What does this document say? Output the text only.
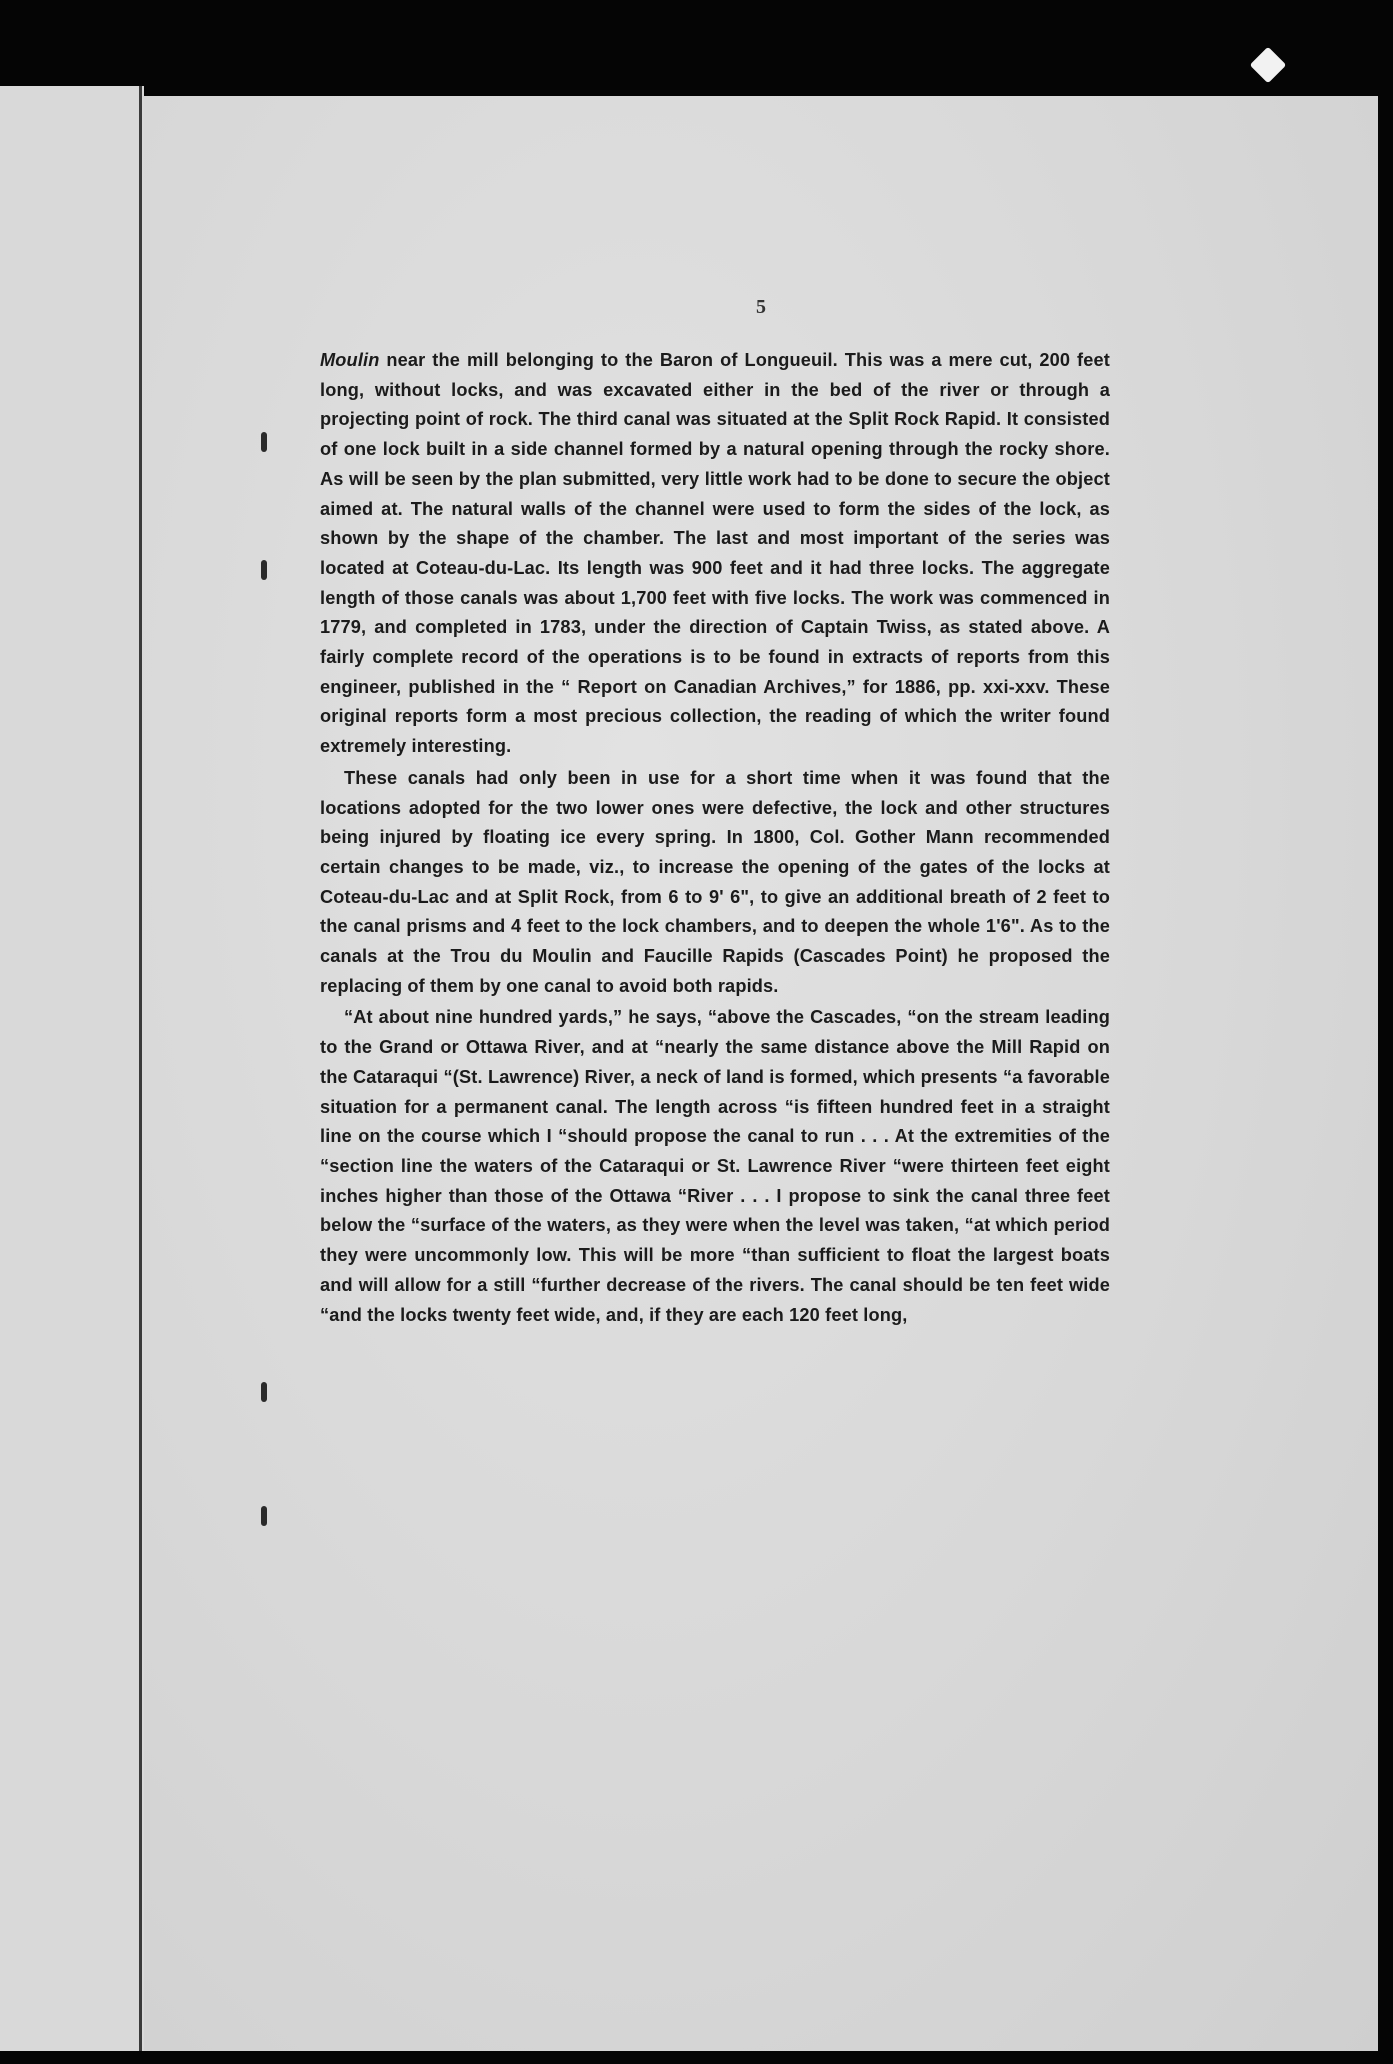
5

Moulin near the mill belonging to the Baron of Longueuil. This was a mere cut, 200 feet long, without locks, and was excavated either in the bed of the river or through a projecting point of rock. The third canal was situated at the Split Rock Rapid. It consisted of one lock built in a side channel formed by a natural opening through the rocky shore. As will be seen by the plan submitted, very little work had to be done to secure the object aimed at. The natural walls of the channel were used to form the sides of the lock, as shown by the shape of the chamber. The last and most important of the series was located at Coteau-du-Lac. Its length was 900 feet and it had three locks. The aggregate length of those canals was about 1,700 feet with five locks. The work was commenced in 1779, and completed in 1783, under the direction of Captain Twiss, as stated above. A fairly complete record of the operations is to be found in extracts of reports from this engineer, published in the “ Report on Canadian Archives,” for 1886, pp. xxi-xxv. These original reports form a most precious collection, the reading of which the writer found extremely interesting.

These canals had only been in use for a short time when it was found that the locations adopted for the two lower ones were defective, the lock and other structures being injured by floating ice every spring. In 1800, Col. Gother Mann recommended certain changes to be made, viz., to increase the opening of the gates of the locks at Coteau-du-Lac and at Split Rock, from 6 to 9' 6", to give an additional breath of 2 feet to the canal prisms and 4 feet to the lock chambers, and to deepen the whole 1'6". As to the canals at the Trou du Moulin and Faucille Rapids (Cascades Point) he proposed the replacing of them by one canal to avoid both rapids.

“At about nine hundred yards,” he says, “above the Cascades, “on the stream leading to the Grand or Ottawa River, and at “nearly the same distance above the Mill Rapid on the Cataraqui “(St. Lawrence) River, a neck of land is formed, which presents “a favorable situation for a permanent canal. The length across “is fifteen hundred feet in a straight line on the course which I “should propose the canal to run . . . At the extremities of the “section line the waters of the Cataraqui or St. Lawrence River “were thirteen feet eight inches higher than those of the Ottawa “River . . . I propose to sink the canal three feet below the “surface of the waters, as they were when the level was taken, “at which period they were uncommonly low. This will be more “than sufficient to float the largest boats and will allow for a still “further decrease of the rivers. The canal should be ten feet wide “and the locks twenty feet wide, and, if they are each 120 feet long,
